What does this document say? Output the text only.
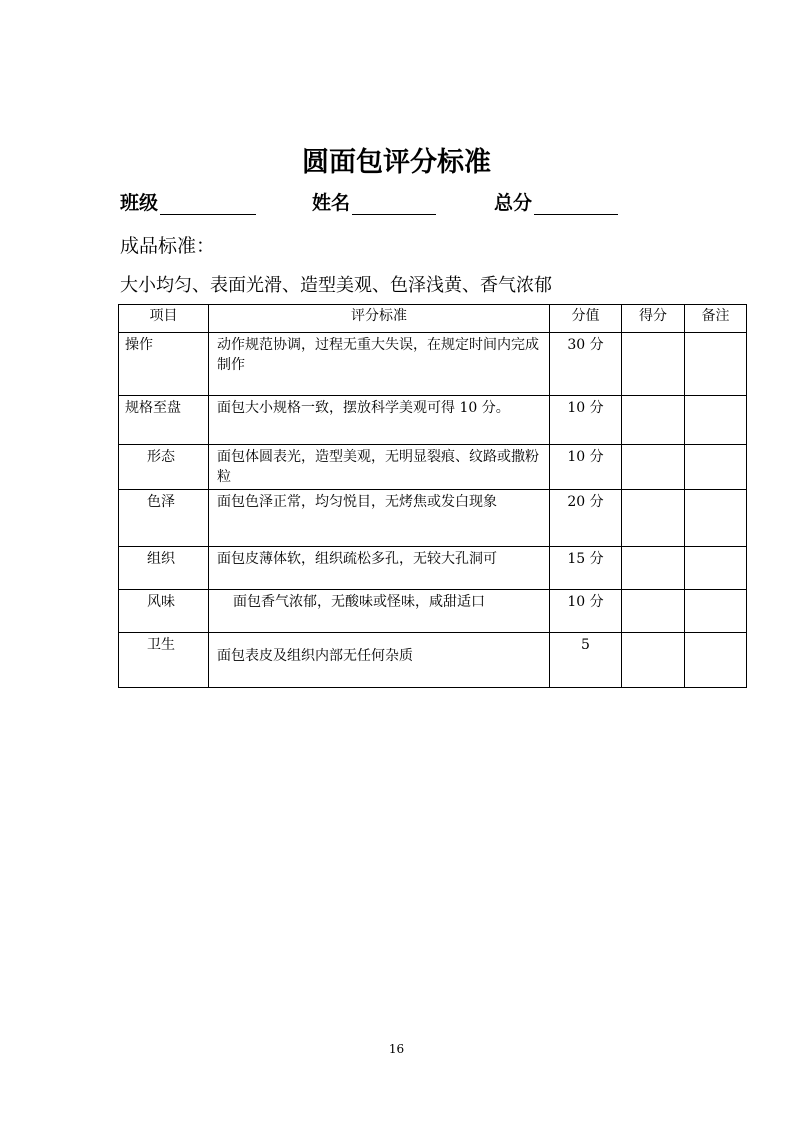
圆面包评分标准
班级	姓名	总分
成品标准：
大小均匀、表面光滑、造型美观、色泽浅黄、香气浓郁
项目	评分标准	分值	得分	备注
操作	动作规范协调，过程无重大失误，在规定时间内完成制作	30 分		
规格至盘	面包大小规格一致，摆放科学美观可得 10 分。	10 分		
形态	面包体圆表光，造型美观，无明显裂痕、纹路或撒粉粒	10 分		
色泽	面包色泽正常，均匀悦目，无烤焦或发白现象	20 分		
组织	面包皮薄体软，组织疏松多孔，无较大孔洞可	15 分		
风味	面包香气浓郁，无酸味或怪味，咸甜适口	10 分		
卫生	面包表皮及组织内部无任何杂质	5		
16
